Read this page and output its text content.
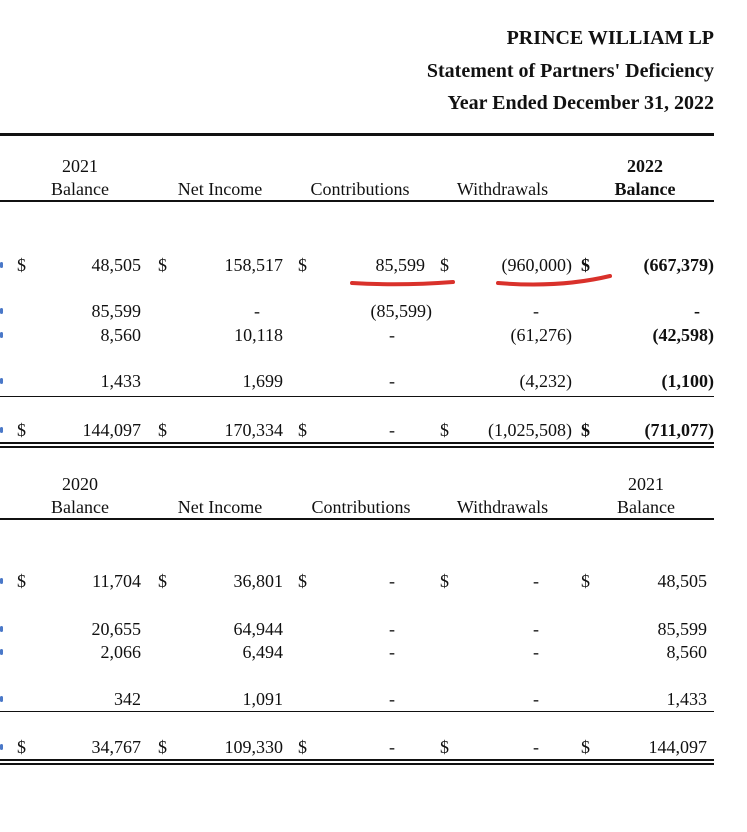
PRINCE WILLIAM LP
Statement of Partners' Deficiency
Year Ended December 31, 2022
2021
Balance	Net Income	Contributions	Withdrawals
2022
Balance
$	48,505 $	158,517 $	85,599 $	(960,000) $	(667,379)
85,599	-	(85,599)	-	-
8,560	10,118	-	(61,276)	(42,598)
1,433	1,699	-	(4,232)	(1,100)
$	144,097 $	170,334 $	-	$ (1,025,508) $	(711,077)
2020
Balance	Net Income	Contributions	Withdrawals
2021
Balance
$	11,704 $	36,801 $	-	$	- $	48,505
20,655	64,944	-	-	85,599
2,066	6,494	-	-	8,560
342	1,091	-	-	1,433
$	34,767 $	109,330 $	-	$	- $	144,097
